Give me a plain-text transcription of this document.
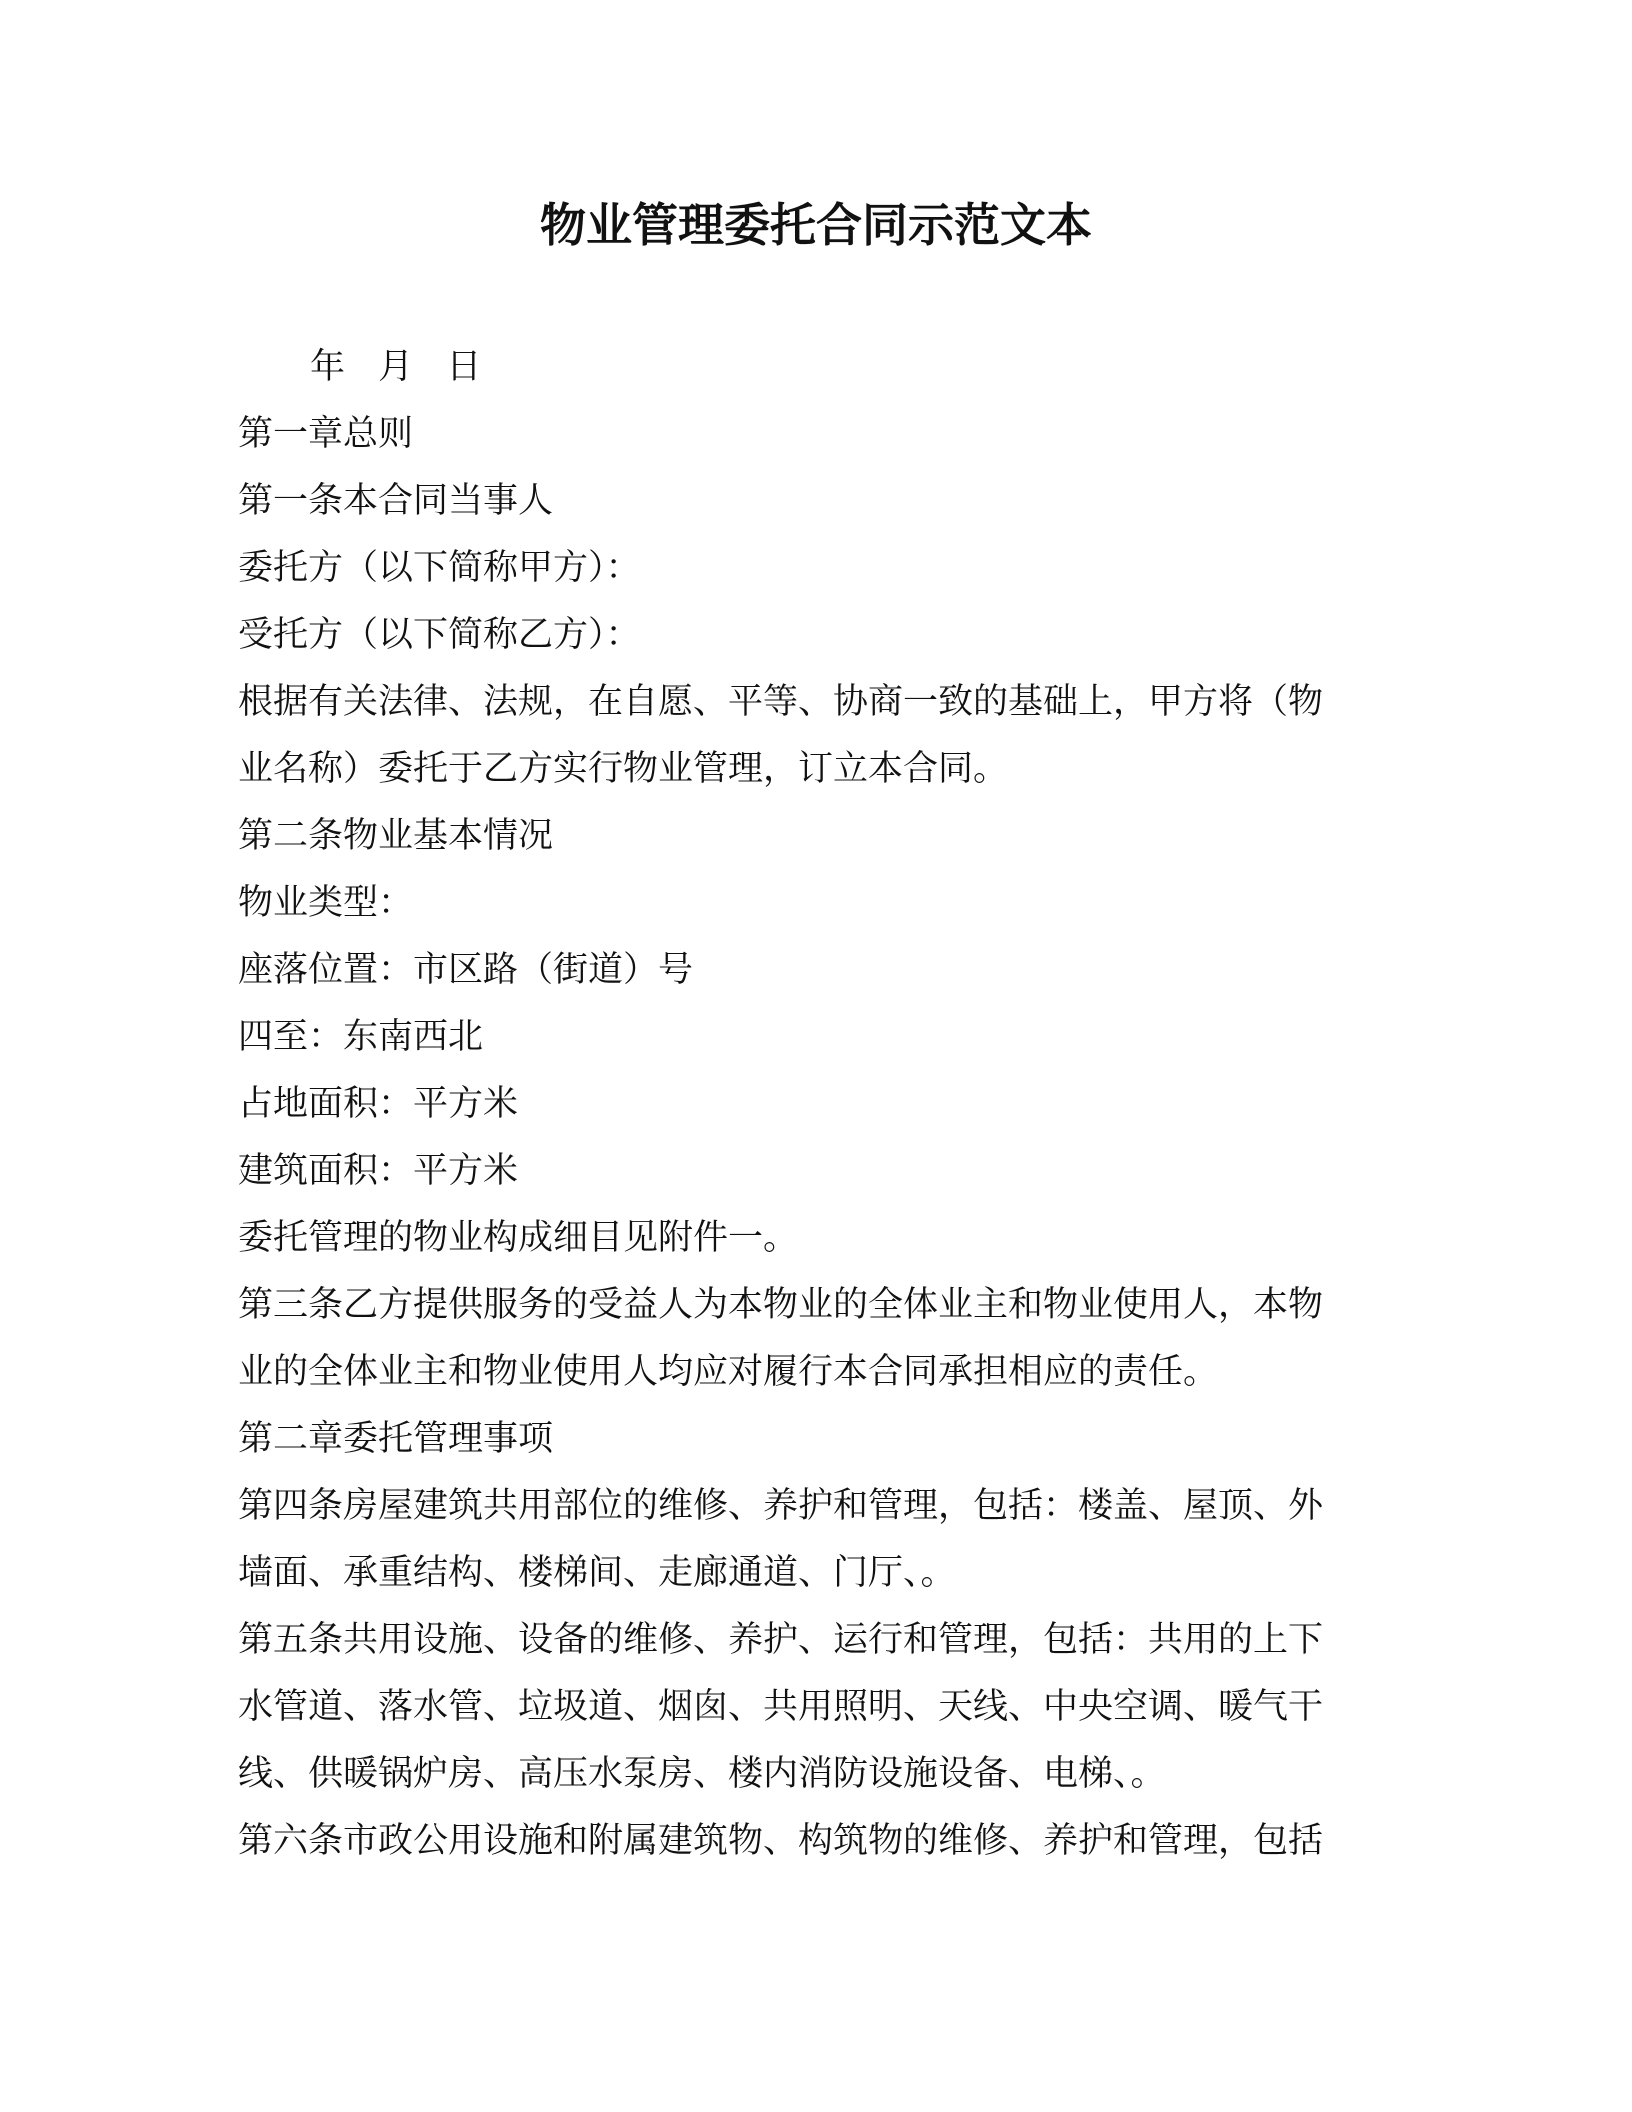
物业管理委托合同示范文本
年 月 日
第一章总则
第一条本合同当事人
委托方（以下简称甲方）：
受托方（以下简称乙方）：
根据有关法律、法规，在自愿、平等、协商一致的基础上，甲方将（物
业名称）委托于乙方实行物业管理，订立本合同。
第二条物业基本情况
物业类型：
座落位置：市区路（街道）号
四至：东南西北
占地面积：平方米
建筑面积：平方米
委托管理的物业构成细目见附件一。
第三条乙方提供服务的受益人为本物业的全体业主和物业使用人，本物
业的全体业主和物业使用人均应对履行本合同承担相应的责任。
第二章委托管理事项
第四条房屋建筑共用部位的维修、养护和管理，包括：楼盖、屋顶、外
墙面、承重结构、楼梯间、走廊通道、门厅、。
第五条共用设施、设备的维修、养护、运行和管理，包括：共用的上下
水管道、落水管、垃圾道、烟囱、共用照明、天线、中央空调、暖气干
线、供暖锅炉房、高压水泵房、楼内消防设施设备、电梯、。
第六条市政公用设施和附属建筑物、构筑物的维修、养护和管理，包括
